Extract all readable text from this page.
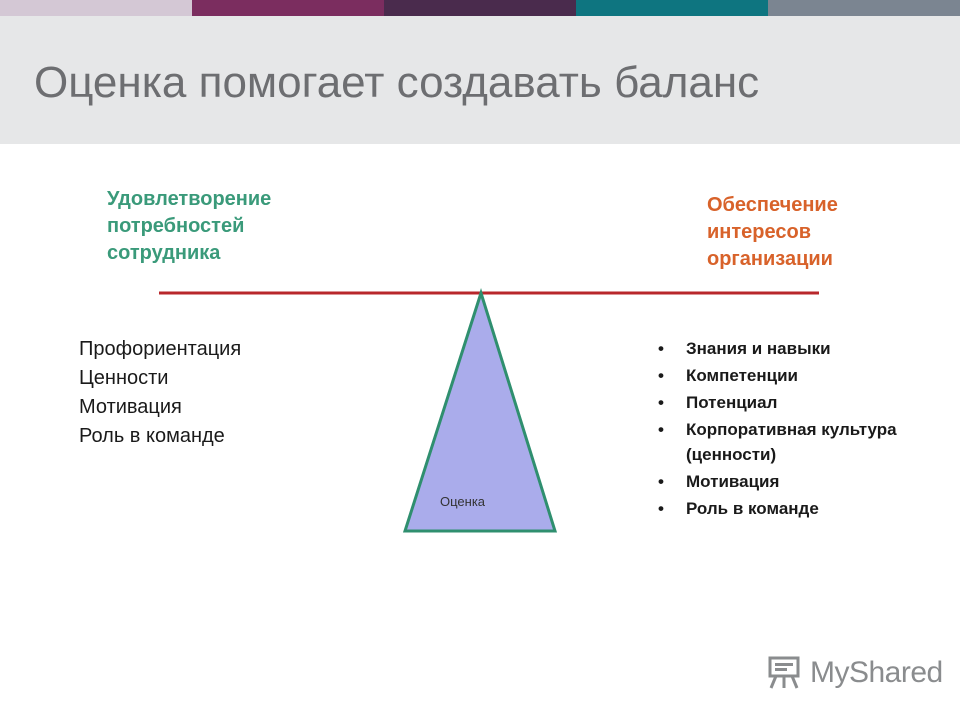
Оценка помогает создавать баланс
Удовлетворение
потребностей
сотрудника
Обеспечение
интересов
организации
Оценка
Профориентация
Ценности
Мотивация
Роль в команде
• Знания и навыки
• Компетенции
• Потенциал
• Корпоративная культура (ценности)
• Мотивация
• Роль в команде
MyShared
